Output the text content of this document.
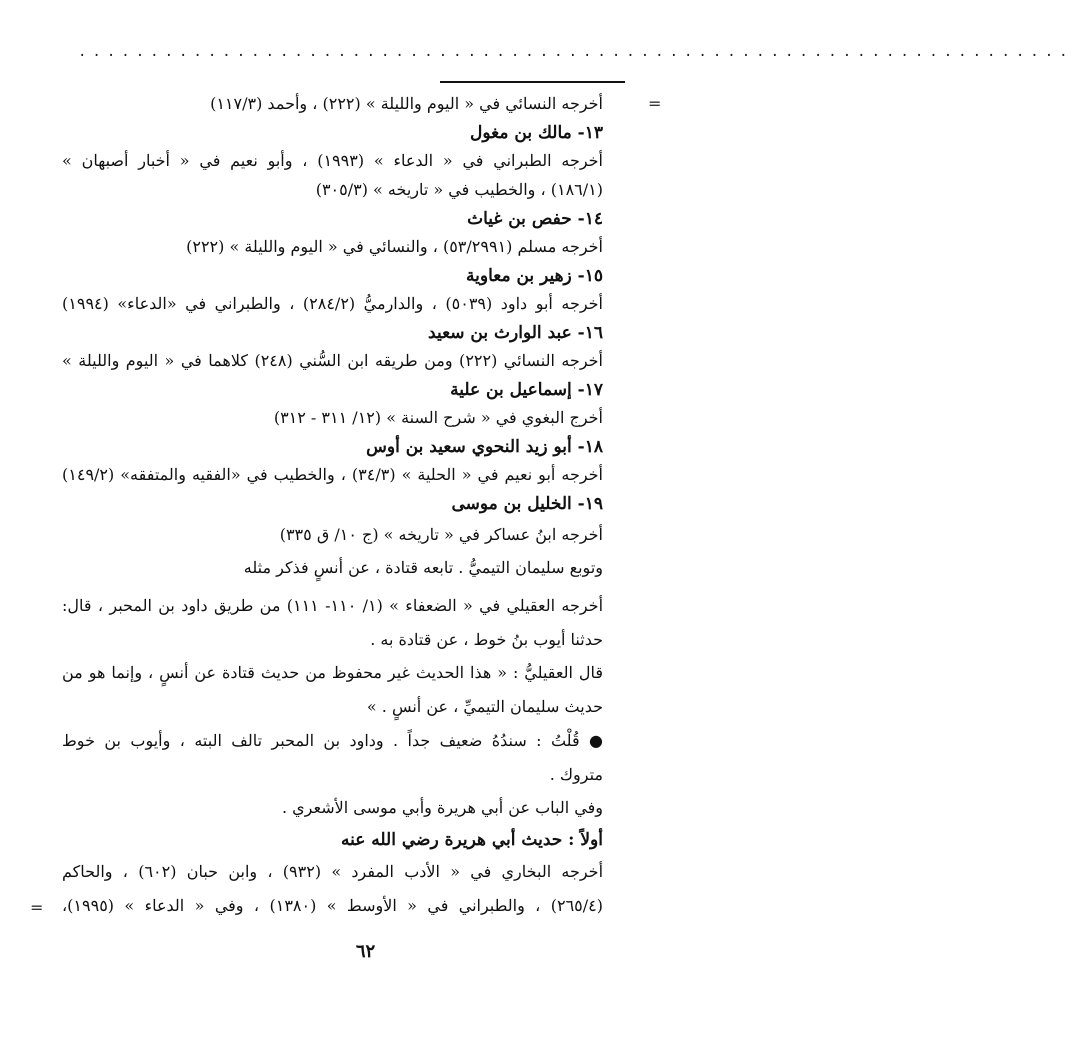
·····································································
=
=
أخرجه النسائي في « اليوم والليلة » (٢٢٢) ، وأحمد (١١٧/٣)
١٣- مالك بن مغول
أخرجه الطبراني في « الدعاء » (١٩٩٣) ، وأبو نعيم في « أخبار أصبهان »
(١٨٦/١) ، والخطيب في « تاريخه » (٣٠٥/٣)
١٤- حفص بن غياث
أخرجه مسلم (٥٣/٢٩٩١) ، والنسائي في « اليوم والليلة » (٢٢٢)
١٥- زهير بن معاوية
أخرجه أبو داود (٥٠٣٩) ، والدارميُّ (٢٨٤/٢) ، والطبراني في «الدعاء» (١٩٩٤)
١٦- عبد الوارث بن سعيد
أخرجه النسائي (٢٢٢) ومن طريقه ابن السُّني (٢٤٨) كلاهما في « اليوم والليلة »
١٧- إسماعيل بن علية
أخرج البغوي في « شرح السنة » (١٢/ ٣١١ - ٣١٢)
١٨- أبو زيد النحوي سعيد بن أوس
أخرجه أبو نعيم في « الحلية » (٣٤/٣) ، والخطيب في «الفقيه والمتفقه» (١٤٩/٢)
١٩- الخليل بن موسى
أخرجه ابنُ عساكر في « تاريخه » (ج ١٠/ ق ٣٣٥)
وتوبع سليمان التيميُّ . تابعه قتادة ، عن أنسٍ فذكر مثله
أخرجه العقيلي في « الضعفاء » (١/ ١١٠- ١١١) من طريق داود بن المحبر ، قال:
حدثنا أيوب بنُ خوط ، عن قتادة به .
قال العقيليُّ : « هذا الحديث غير محفوظ من حديث قتادة عن أنسٍ ، وإنما هو من
حديث سليمان التيميِّ ، عن أنسٍ . »
● قُلْتُ : سندُهُ ضعيف جداً . وداود بن المحبر تالف البته ، وأيوب بن خوط
متروك .
وفي الباب عن أبي هريرة وأبي موسى الأشعري .
أولاً : حديث أبي هريرة رضي الله عنه
أخرجه البخاري في « الأدب المفرد » (٩٣٢) ، وابن حبان (٦٠٢) ، والحاكم
(٢٦٥/٤) ، والطبراني في « الأوسط » (١٣٨٠) ، وفي « الدعاء » (١٩٩٥)،
٦٢
